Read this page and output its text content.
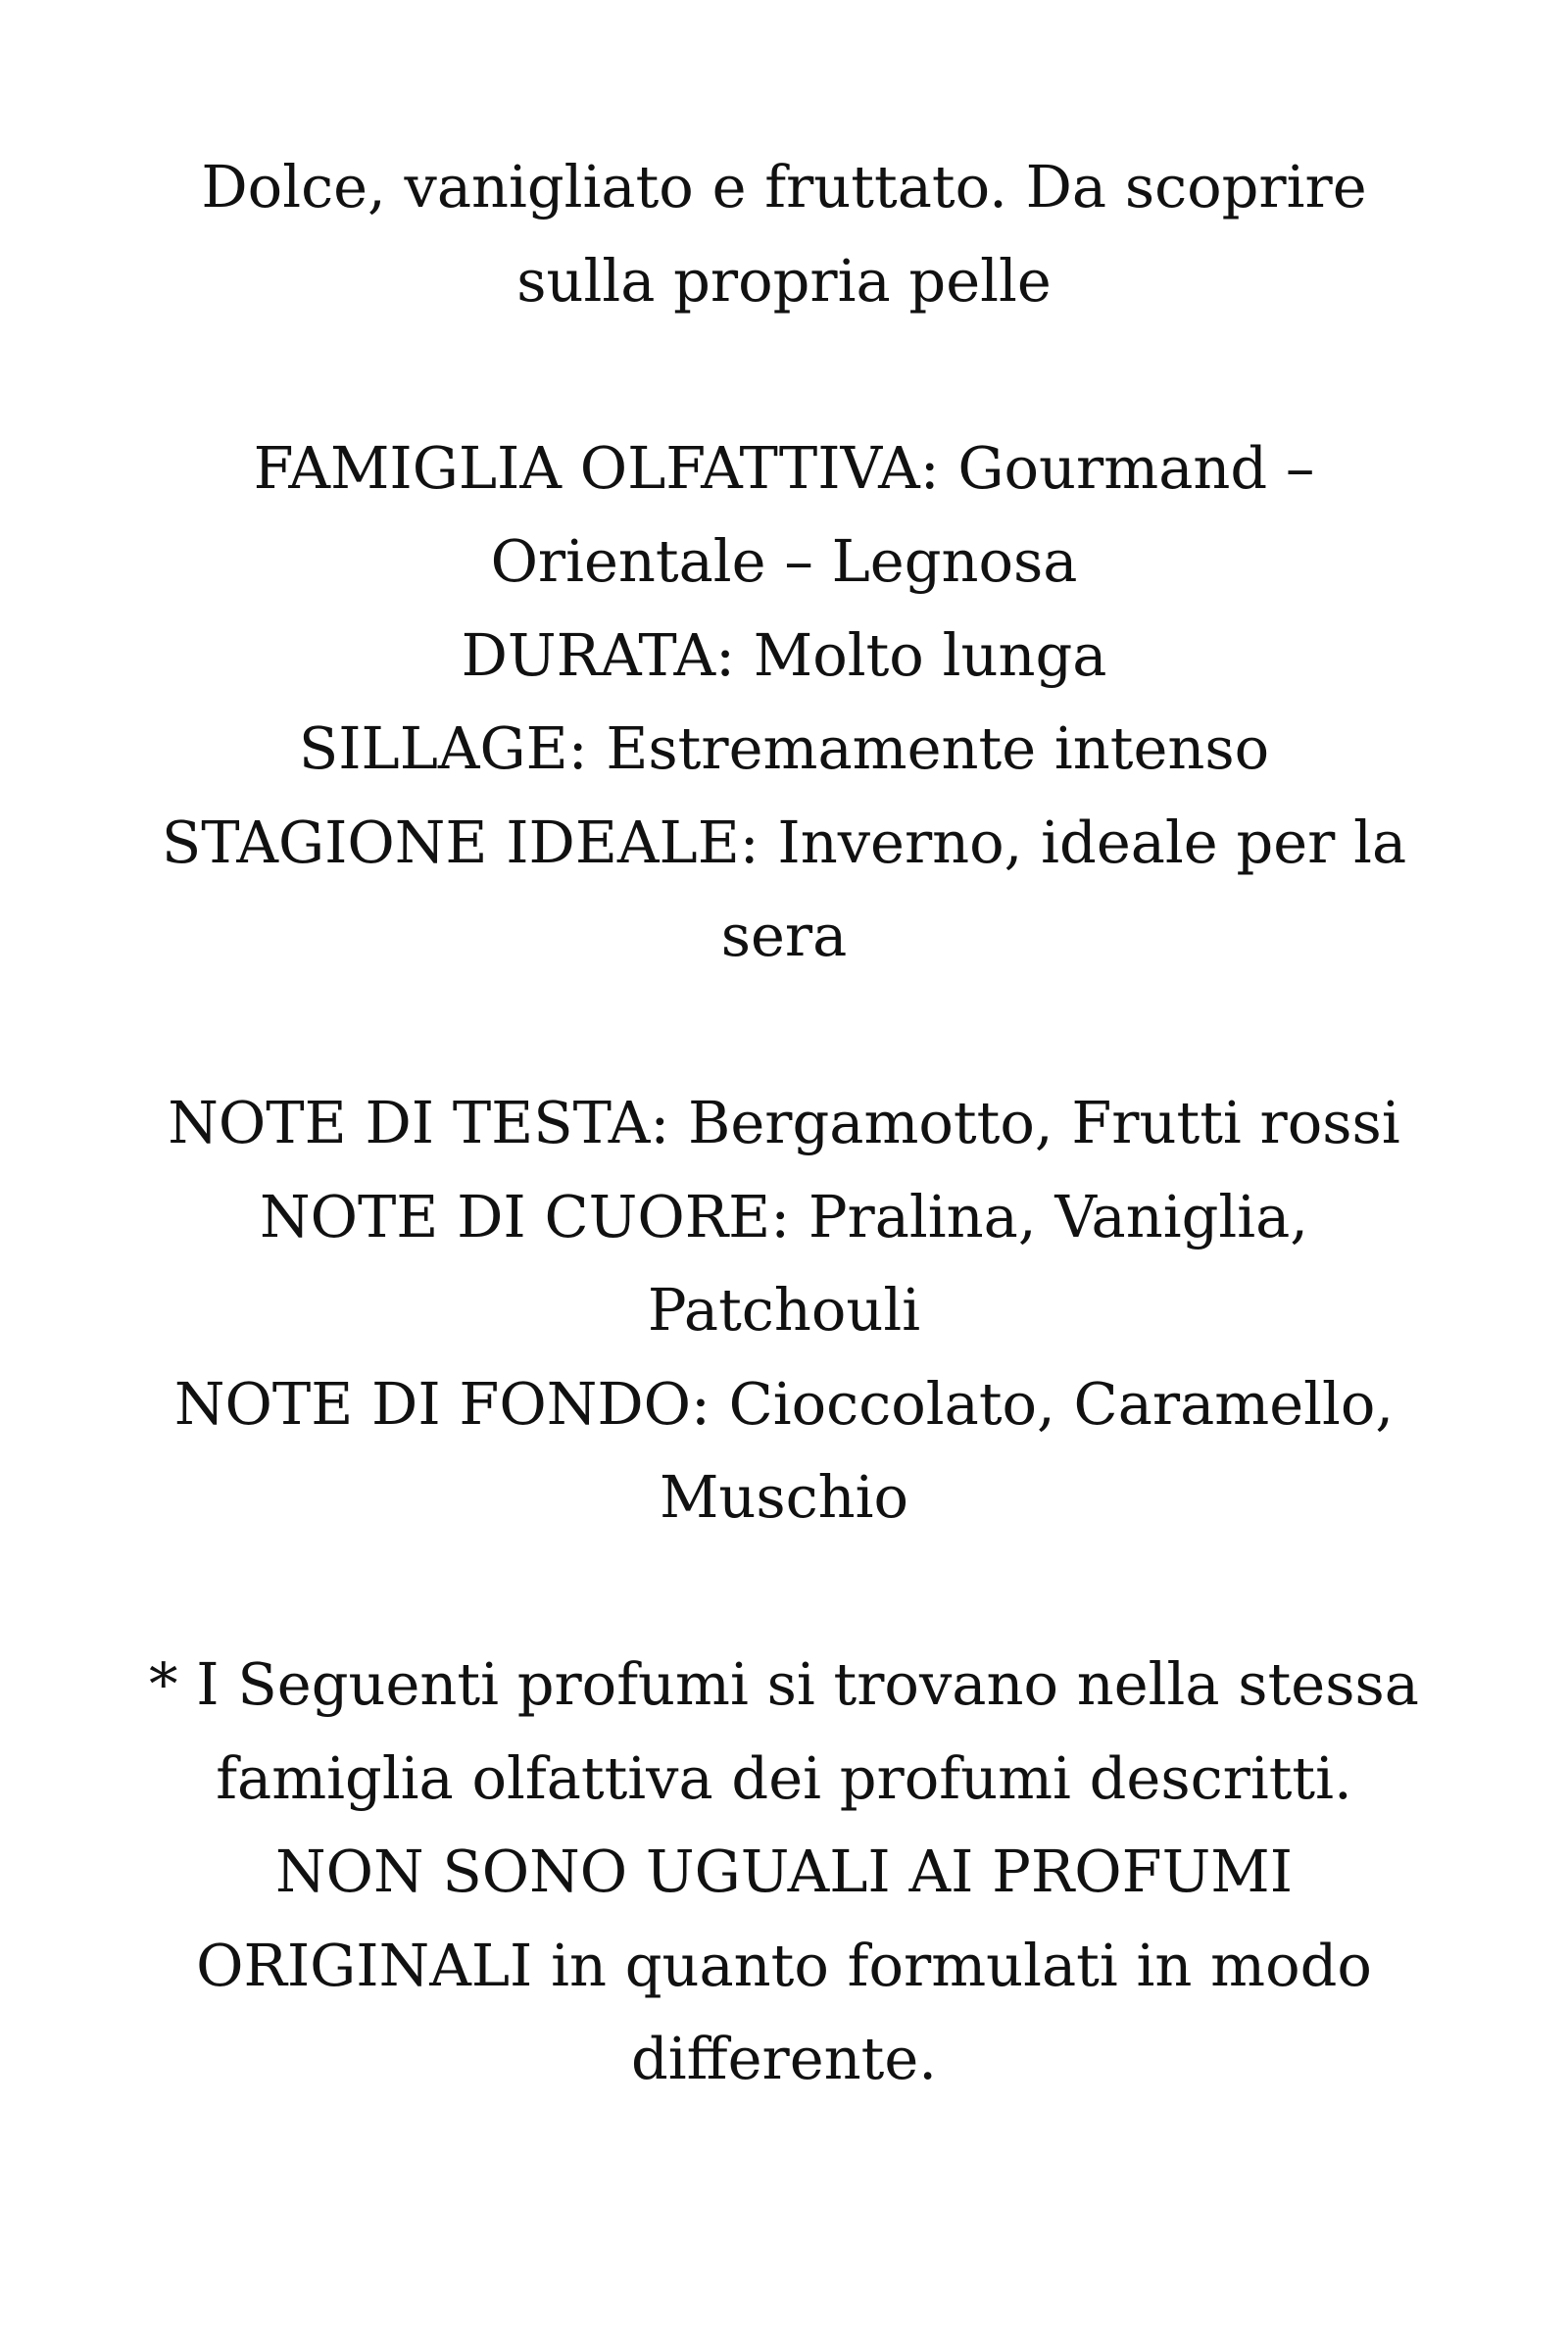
Dolce, vanigliato e fruttato. Da scoprire sulla propria pelle

FAMIGLIA OLFATTIVA: Gourmand – Orientale – Legnosa
DURATA: Molto lunga
SILLAGE: Estremamente intenso
STAGIONE IDEALE: Inverno, ideale per la sera

NOTE DI TESTA: Bergamotto, Frutti rossi
NOTE DI CUORE: Pralina, Vaniglia, Patchouli
NOTE DI FONDO: Cioccolato, Caramello, Muschio

* I Seguenti profumi si trovano nella stessa famiglia olfattiva dei profumi descritti. NON SONO UGUALI AI PROFUMI ORIGINALI in quanto formulati in modo differente.
